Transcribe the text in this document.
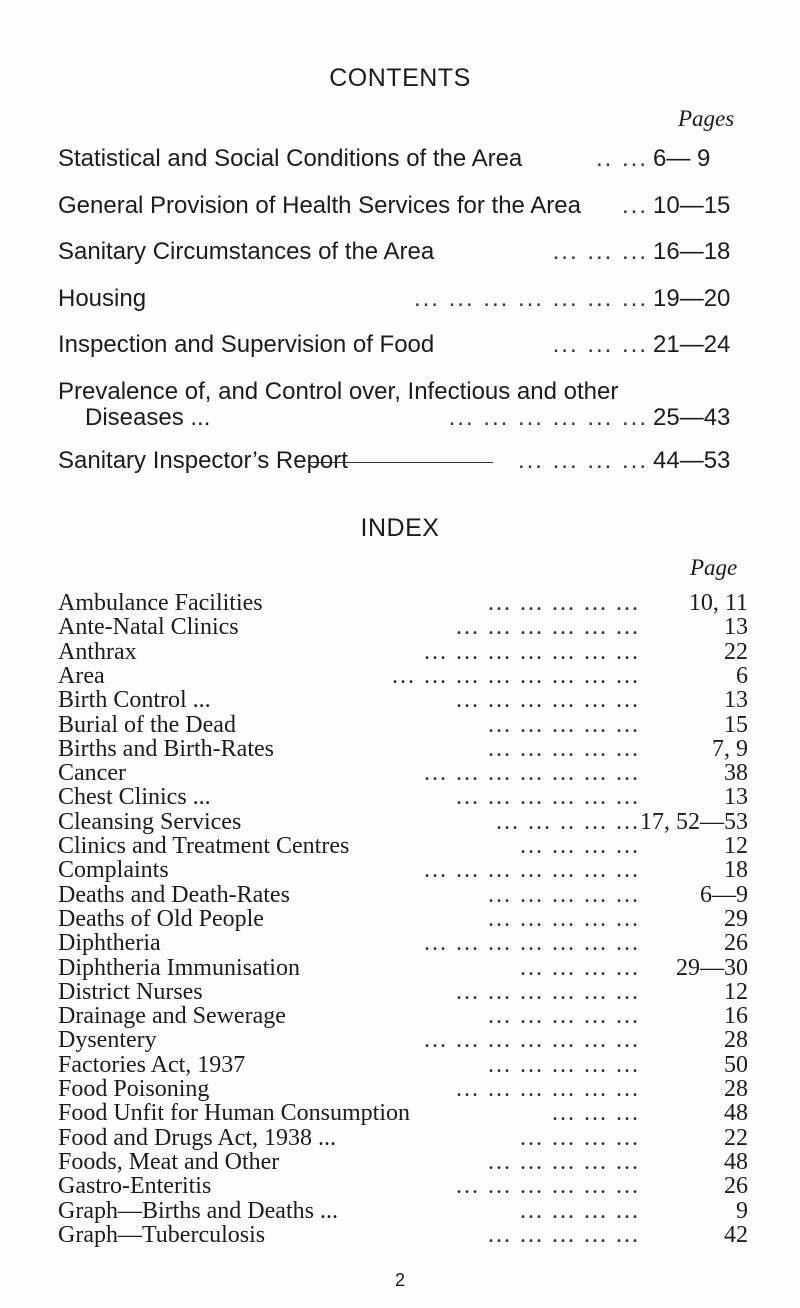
CONTENTS
Pages
Statistical and Social Conditions of the Area	.. ... 6— 9
General Provision of Health Services for the Area ... 10—15
Sanitary Circumstances of the Area	... ... ... 16—18
Housing	... ... ... ... ... ... ... 19—20
Inspection and Supervision of Food	... ... ... 21—24
Prevalence of, and Control over, Infectious and other
Diseases ...	... ... ... ... ... ... 25—43
Sanitary Inspector’s Report	... ... ... ... 44—53
INDEX
Page
Ambulance Facilities	... ... ... ... ... 10, 11
Ante-Natal Clinics	... ... ... ... ... ...	13
Anthrax	... ... ... ... ... ... ...	22
Area	... ... ... ... ... ... ... ...	6
Birth Control ...	... ... ... ... ... ...	13
Burial of the Dead	... ... ... ... ...	15
Births and Birth-Rates	... ... ... ... ...	7, 9
Cancer	... ... ... ... ... ... ...	38
Chest Clinics ...	... ... ... ... ... ...	13
Cleansing Services	... ... .. ... ... 17, 52—53
Clinics and Treatment Centres	... ... ... ...	12
Complaints	... ... ... ... ... ... ...	18
Deaths and Death-Rates	... ... ... ... ...	6—9
Deaths of Old People	... ... ... ... ...	29
Diphtheria	... ... ... ... ... ... ...	26
Diphtheria Immunisation	... ... ... ... 29—30
District Nurses	... ... ... ... ... ...	12
Drainage and Sewerage	... ... ... ... ...	16
Dysentery	... ... ... ... ... ... ...	28
Factories Act, 1937	... ... ... ... ...	50
Food Poisoning	... ... ... ... ... ...	28
Food Unfit for Human Consumption	... ... ...	48
Food and Drugs Act, 1938 ...	... ... ... ...	22
Foods, Meat and Other	... ... ... ... ...	48
Gastro-Enteritis	... ... ... ... ... ...	26
Graph—Births and Deaths ...	... ... ... ...	9
Graph—Tuberculosis	... ... ... ... ...	42
2
